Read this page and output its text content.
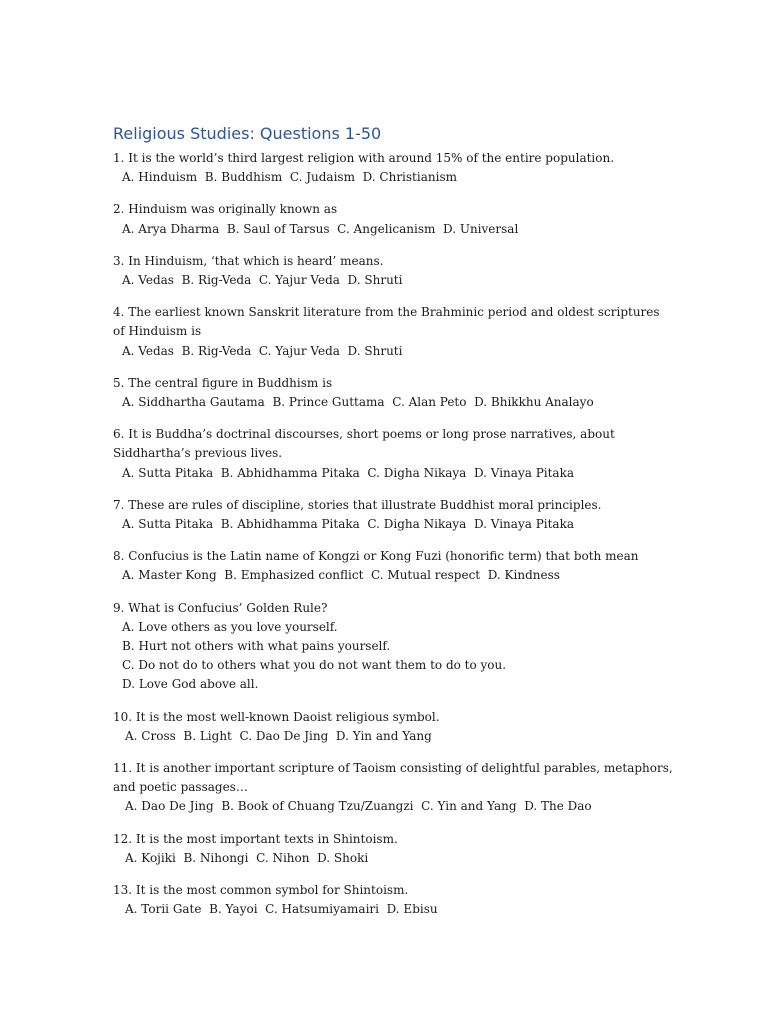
Religious Studies: Questions 1-50
1. It is the world’s third largest religion with around 15% of the entire population.
A. Hinduism  B. Buddhism  C. Judaism  D. Christianism
2. Hinduism was originally known as
A. Arya Dharma  B. Saul of Tarsus  C. Angelicanism  D. Universal
3. In Hinduism, ‘that which is heard’ means.
A. Vedas  B. Rig-Veda  C. Yajur Veda  D. Shruti
4. The earliest known Sanskrit literature from the Brahminic period and oldest scriptures of Hinduism is
A. Vedas  B. Rig-Veda  C. Yajur Veda  D. Shruti
5. The central figure in Buddhism is
A. Siddhartha Gautama  B. Prince Guttama  C. Alan Peto  D. Bhikkhu Analayo
6. It is Buddha’s doctrinal discourses, short poems or long prose narratives, about Siddhartha’s previous lives.
A. Sutta Pitaka  B. Abhidhamma Pitaka  C. Digha Nikaya  D. Vinaya Pitaka
7. These are rules of discipline, stories that illustrate Buddhist moral principles.
A. Sutta Pitaka  B. Abhidhamma Pitaka  C. Digha Nikaya  D. Vinaya Pitaka
8. Confucius is the Latin name of Kongzi or Kong Fuzi (honorific term) that both mean
A. Master Kong  B. Emphasized conflict  C. Mutual respect  D. Kindness
9. What is Confucius’ Golden Rule?
A. Love others as you love yourself.
B. Hurt not others with what pains yourself.
C. Do not do to others what you do not want them to do to you.
D. Love God above all.
10. It is the most well-known Daoist religious symbol.
A. Cross  B. Light  C. Dao De Jing  D. Yin and Yang
11. It is another important scripture of Taoism consisting of delightful parables, metaphors, and poetic passages…
A. Dao De Jing  B. Book of Chuang Tzu/Zuangzi  C. Yin and Yang  D. The Dao
12. It is the most important texts in Shintoism.
A. Kojiki  B. Nihongi  C. Nihon  D. Shoki
13. It is the most common symbol for Shintoism.
A. Torii Gate  B. Yayoi  C. Hatsumiyamairi  D. Ebisu
